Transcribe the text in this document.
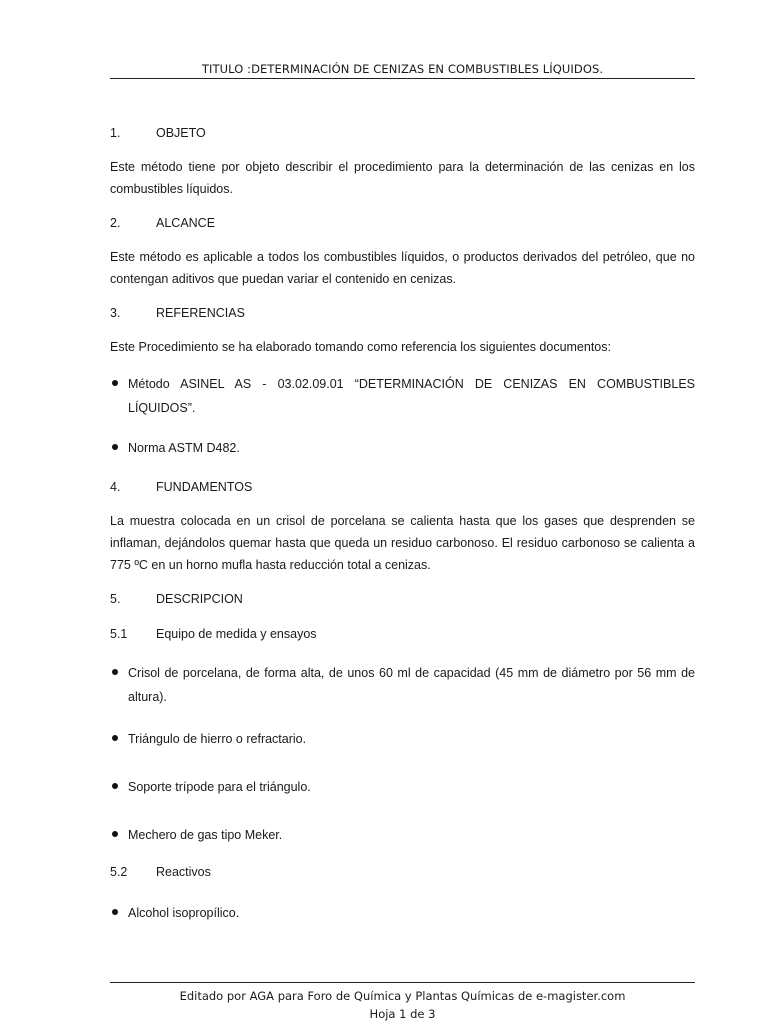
TITULO :DETERMINACIÓN DE CENIZAS EN COMBUSTIBLES LÍQUIDOS.
1.	OBJETO
Este método tiene por objeto describir el procedimiento para la determinación de las cenizas en los combustibles líquidos.
2.	ALCANCE
Este método es aplicable a todos los combustibles líquidos, o productos derivados del petróleo, que no contengan aditivos que puedan variar el contenido en cenizas.
3.	REFERENCIAS
Este Procedimiento se ha elaborado tomando como referencia los siguientes documentos:
Método ASINEL AS - 03.02.09.01 “DETERMINACIÓN DE CENIZAS EN COMBUSTIBLES LÍQUIDOS”.
Norma ASTM D482.
4.	FUNDAMENTOS
La muestra colocada en un crisol de porcelana se calienta hasta que los gases que desprenden se inflaman, dejándolos quemar hasta que queda un residuo carbonoso. El residuo carbonoso se calienta a 775 ºC en un horno mufla hasta reducción total a cenizas.
5.	DESCRIPCION
5.1	Equipo de medida y ensayos
Crisol de porcelana, de forma alta, de unos 60 ml de capacidad (45 mm de diámetro por 56 mm de altura).
Triángulo de hierro o refractario.
Soporte trípode para el triángulo.
Mechero de gas tipo Meker.
5.2	Reactivos
Alcohol isopropílico.
Editado por AGA para Foro de Química y Plantas Químicas de e-magister.com
Hoja 1 de 3
